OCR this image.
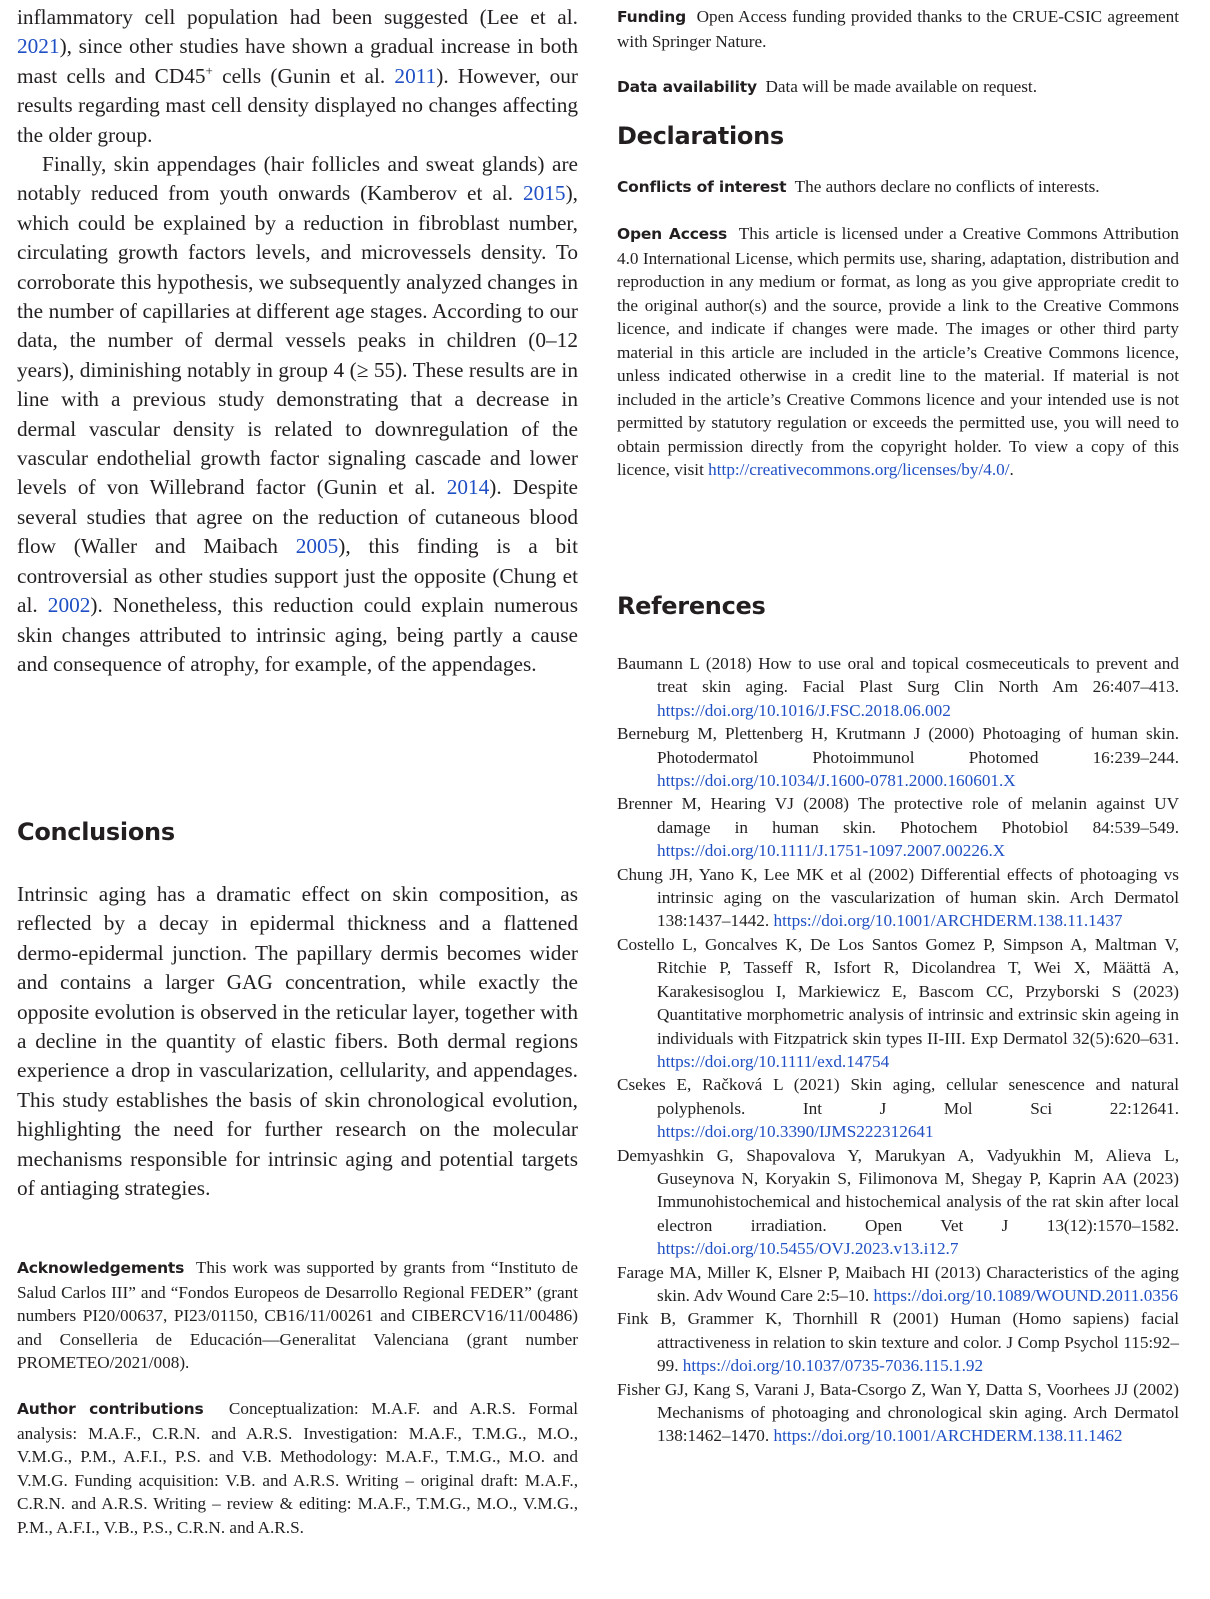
inflammatory cell population had been suggested (Lee et al. 2021), since other studies have shown a gradual increase in both mast cells and CD45+ cells (Gunin et al. 2011). However, our results regarding mast cell density displayed no changes affecting the older group.

Finally, skin appendages (hair follicles and sweat glands) are notably reduced from youth onwards (Kamberov et al. 2015), which could be explained by a reduction in fibroblast number, circulating growth factors levels, and microvessels density. To corroborate this hypothesis, we subsequently analyzed changes in the number of capillaries at different age stages. According to our data, the number of dermal vessels peaks in children (0–12 years), diminishing notably in group 4 (≥ 55). These results are in line with a previous study demonstrating that a decrease in dermal vascular density is related to downregulation of the vascular endothelial growth factor signaling cascade and lower levels of von Willebrand factor (Gunin et al. 2014). Despite several studies that agree on the reduction of cutaneous blood flow (Waller and Maibach 2005), this finding is a bit controversial as other studies support just the opposite (Chung et al. 2002). Nonetheless, this reduction could explain numerous skin changes attributed to intrinsic aging, being partly a cause and consequence of atrophy, for example, of the appendages.

Conclusions

Intrinsic aging has a dramatic effect on skin composition, as reflected by a decay in epidermal thickness and a flattened dermo-epidermal junction. The papillary dermis becomes wider and contains a larger GAG concentration, while exactly the opposite evolution is observed in the reticular layer, together with a decline in the quantity of elastic fibers. Both dermal regions experience a drop in vascularization, cellularity, and appendages. This study establishes the basis of skin chronological evolution, highlighting the need for further research on the molecular mechanisms responsible for intrinsic aging and potential targets of antiaging strategies.

Acknowledgements This work was supported by grants from “Instituto de Salud Carlos III” and “Fondos Europeos de Desarrollo Regional FEDER” (grant numbers PI20/00637, PI23/01150, CB16/11/00261 and CIBERCV16/11/00486) and Conselleria de Educación—Generalitat Valenciana (grant number PROMETEO/2021/008).

Author contributions Conceptualization: M.A.F. and A.R.S. Formal analysis: M.A.F., C.R.N. and A.R.S. Investigation: M.A.F., T.M.G., M.O., V.M.G., P.M., A.F.I., P.S. and V.B. Methodology: M.A.F., T.M.G., M.O. and V.M.G. Funding acquisition: V.B. and A.R.S. Writing – original draft: M.A.F., C.R.N. and A.R.S. Writing – review & editing: M.A.F., T.M.G., M.O., V.M.G., P.M., A.F.I., V.B., P.S., C.R.N. and A.R.S.

Funding Open Access funding provided thanks to the CRUE-CSIC agreement with Springer Nature.

Data availability Data will be made available on request.

Declarations

Conflicts of interest The authors declare no conflicts of interests.

Open Access This article is licensed under a Creative Commons Attribution 4.0 International License, which permits use, sharing, adaptation, distribution and reproduction in any medium or format, as long as you give appropriate credit to the original author(s) and the source, provide a link to the Creative Commons licence, and indicate if changes were made. The images or other third party material in this article are included in the article’s Creative Commons licence, unless indicated otherwise in a credit line to the material. If material is not included in the article’s Creative Commons licence and your intended use is not permitted by statutory regulation or exceeds the permitted use, you will need to obtain permission directly from the copyright holder. To view a copy of this licence, visit http://creativecommons.org/licenses/by/4.0/.

References

Baumann L (2018) How to use oral and topical cosmeceuticals to prevent and treat skin aging. Facial Plast Surg Clin North Am 26:407–413. https://doi.org/10.1016/J.FSC.2018.06.002

Berneburg M, Plettenberg H, Krutmann J (2000) Photoaging of human skin. Photodermatol Photoimmunol Photomed 16:239–244. https://doi.org/10.1034/J.1600-0781.2000.160601.X

Brenner M, Hearing VJ (2008) The protective role of melanin against UV damage in human skin. Photochem Photobiol 84:539–549. https://doi.org/10.1111/J.1751-1097.2007.00226.X

Chung JH, Yano K, Lee MK et al (2002) Differential effects of photoaging vs intrinsic aging on the vascularization of human skin. Arch Dermatol 138:1437–1442. https://doi.org/10.1001/ARCHDERM.138.11.1437

Costello L, Goncalves K, De Los Santos Gomez P, Simpson A, Maltman V, Ritchie P, Tasseff R, Isfort R, Dicolandrea T, Wei X, Määttä A, Karakesisoglou I, Markiewicz E, Bascom CC, Przyborski S (2023) Quantitative morphometric analysis of intrinsic and extrinsic skin ageing in individuals with Fitzpatrick skin types II-III. Exp Dermatol 32(5):620–631. https://doi.org/10.1111/exd.14754

Csekes E, Račková L (2021) Skin aging, cellular senescence and natural polyphenols. Int J Mol Sci 22:12641. https://doi.org/10.3390/IJMS222312641

Demyashkin G, Shapovalova Y, Marukyan A, Vadyukhin M, Alieva L, Guseynova N, Koryakin S, Filimonova M, Shegay P, Kaprin AA (2023) Immunohistochemical and histochemical analysis of the rat skin after local electron irradiation. Open Vet J 13(12):1570–1582. https://doi.org/10.5455/OVJ.2023.v13.i12.7

Farage MA, Miller K, Elsner P, Maibach HI (2013) Characteristics of the aging skin. Adv Wound Care 2:5–10. https://doi.org/10.1089/WOUND.2011.0356

Fink B, Grammer K, Thornhill R (2001) Human (Homo sapiens) facial attractiveness in relation to skin texture and color. J Comp Psychol 115:92–99. https://doi.org/10.1037/0735-7036.115.1.92

Fisher GJ, Kang S, Varani J, Bata-Csorgo Z, Wan Y, Datta S, Voorhees JJ (2002) Mechanisms of photoaging and chronological skin aging. Arch Dermatol 138:1462–1470. https://doi.org/10.1001/ARCHDERM.138.11.1462
